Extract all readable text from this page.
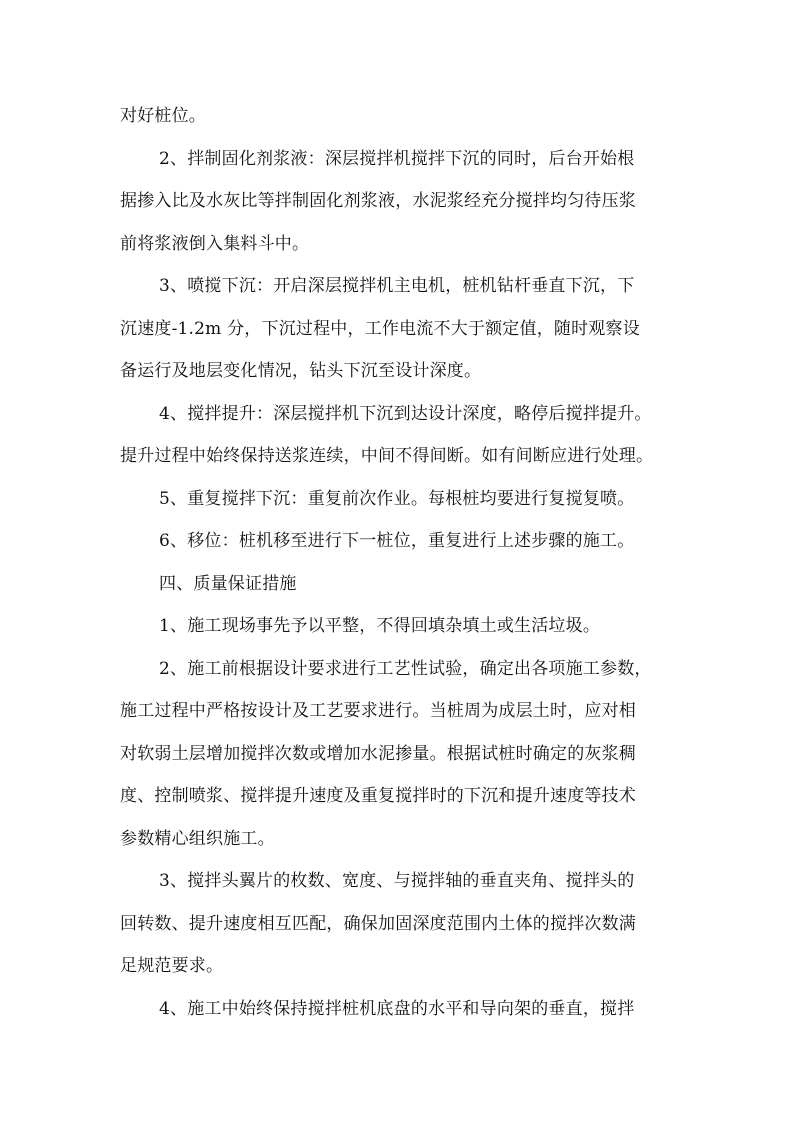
对好桩位。
2、拌制固化剂浆液：深层搅拌机搅拌下沉的同时，后台开始根
据掺入比及水灰比等拌制固化剂浆液，水泥浆经充分搅拌均匀待压浆
前将浆液倒入集料斗中。
3、喷搅下沉：开启深层搅拌机主电机，桩机钻杆垂直下沉，下
沉速度-1.2m 分，下沉过程中，工作电流不大于额定值，随时观察设
备运行及地层变化情况，钻头下沉至设计深度。
4、搅拌提升：深层搅拌机下沉到达设计深度，略停后搅拌提升。
提升过程中始终保持送浆连续，中间不得间断。如有间断应进行处理。
5、重复搅拌下沉：重复前次作业。每根桩均要进行复搅复喷。
6、移位：桩机移至进行下一桩位，重复进行上述步骤的施工。
四、质量保证措施
1、施工现场事先予以平整，不得回填杂填土或生活垃圾。
2、施工前根据设计要求进行工艺性试验，确定出各项施工参数，
施工过程中严格按设计及工艺要求进行。当桩周为成层土时，应对相
对软弱土层增加搅拌次数或增加水泥掺量。根据试桩时确定的灰浆稠
度、控制喷浆、搅拌提升速度及重复搅拌时的下沉和提升速度等技术
参数精心组织施工。
3、搅拌头翼片的枚数、宽度、与搅拌轴的垂直夹角、搅拌头的
回转数、提升速度相互匹配，确保加固深度范围内土体的搅拌次数满
足规范要求。
4、施工中始终保持搅拌桩机底盘的水平和导向架的垂直，搅拌
